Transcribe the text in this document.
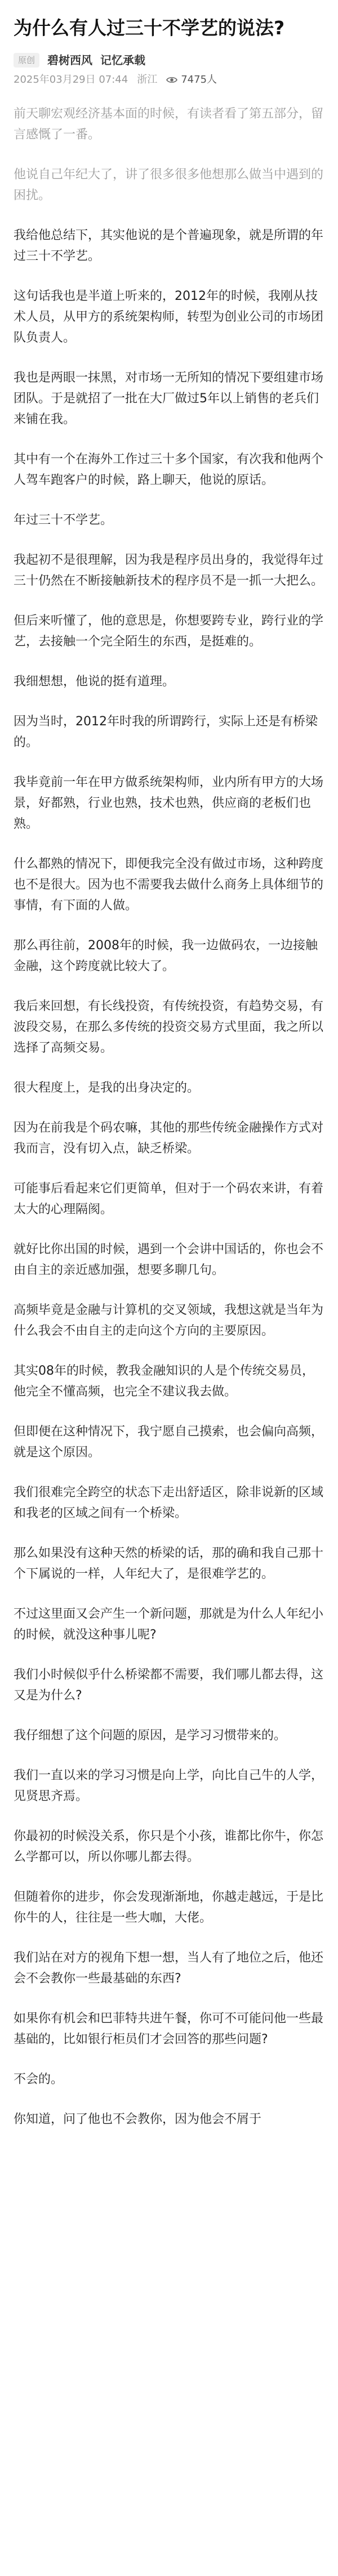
为什么有人过三十不学艺的说法?
原创	碧树西风 记忆承载
2025年03月29日 07:44 浙江 7475人

前天聊宏观经济基本面的时候，有读者看了第五部分，留言感慨了一番。

他说自己年纪大了，讲了很多很多他想那么做当中遇到的困扰。

我给他总结下，其实他说的是个普遍现象，就是所谓的年过三十不学艺。

这句话我也是半道上听来的，2012年的时候，我刚从技术人员，从甲方的系统架构师，转型为创业公司的市场团队负责人。

我也是两眼一抹黑，对市场一无所知的情况下要组建市场团队。于是就招了一批在大厂做过5年以上销售的老兵们来铺在我。

其中有一个在海外工作过三十多个国家，有次我和他两个人驾车跑客户的时候，路上聊天，他说的原话。

年过三十不学艺。

我起初不是很理解，因为我是程序员出身的，我觉得年过三十仍然在不断接触新技术的程序员不是一抓一大把么。

但后来听懂了，他的意思是，你想要跨专业，跨行业的学艺，去接触一个完全陌生的东西，是挺难的。

我细想想，他说的挺有道理。

因为当时，2012年时我的所谓跨行，实际上还是有桥梁的。

我毕竟前一年在甲方做系统架构师，业内所有甲方的大场景，好都熟，行业也熟，技术也熟，供应商的老板们也熟。

什么都熟的情况下，即便我完全没有做过市场，这种跨度也不是很大。因为也不需要我去做什么商务上具体细节的事情，有下面的人做。

那么再往前，2008年的时候，我一边做码农，一边接触金融，这个跨度就比较大了。

我后来回想，有长线投资，有传统投资，有趋势交易，有波段交易，在那么多传统的投资交易方式里面，我之所以选择了高频交易。

很大程度上，是我的出身决定的。

因为在前我是个码农嘛，其他的那些传统金融操作方式对我而言，没有切入点，缺乏桥梁。

可能事后看起来它们更简单，但对于一个码农来讲，有着太大的心理隔阂。

就好比你出国的时候，遇到一个会讲中国话的，你也会不由自主的亲近感加强，想要多聊几句。

高频毕竟是金融与计算机的交叉领域，我想这就是当年为什么我会不由自主的走向这个方向的主要原因。

其实08年的时候，教我金融知识的人是个传统交易员，他完全不懂高频，也完全不建议我去做。

但即便在这种情况下，我宁愿自己摸索，也会偏向高频，就是这个原因。

我们很难完全跨空的状态下走出舒适区，除非说新的区域和我老的区域之间有一个桥梁。

那么如果没有这种天然的桥梁的话，那的确和我自己那十个下属说的一样，人年纪大了，是很难学艺的。

不过这里面又会产生一个新问题，那就是为什么人年纪小的时候，就没这种事儿呢?

我们小时候似乎什么桥梁都不需要，我们哪儿都去得，这又是为什么?

我仔细想了这个问题的原因，是学习习惯带来的。

我们一直以来的学习习惯是向上学，向比自己牛的人学，见贤思齐焉。

你最初的时候没关系，你只是个小孩，谁都比你牛，你怎么学都可以，所以你哪儿都去得。

但随着你的进步，你会发现渐渐地，你越走越远，于是比你牛的人，往往是一些大咖，大佬。

我们站在对方的视角下想一想，当人有了地位之后，他还会不会教你一些最基础的东西?

如果你有机会和巴菲特共进午餐，你可不可能问他一些最基础的，比如银行柜员们才会回答的那些问题?

不会的。

你知道，问了他也不会教你，因为他会不屑于
